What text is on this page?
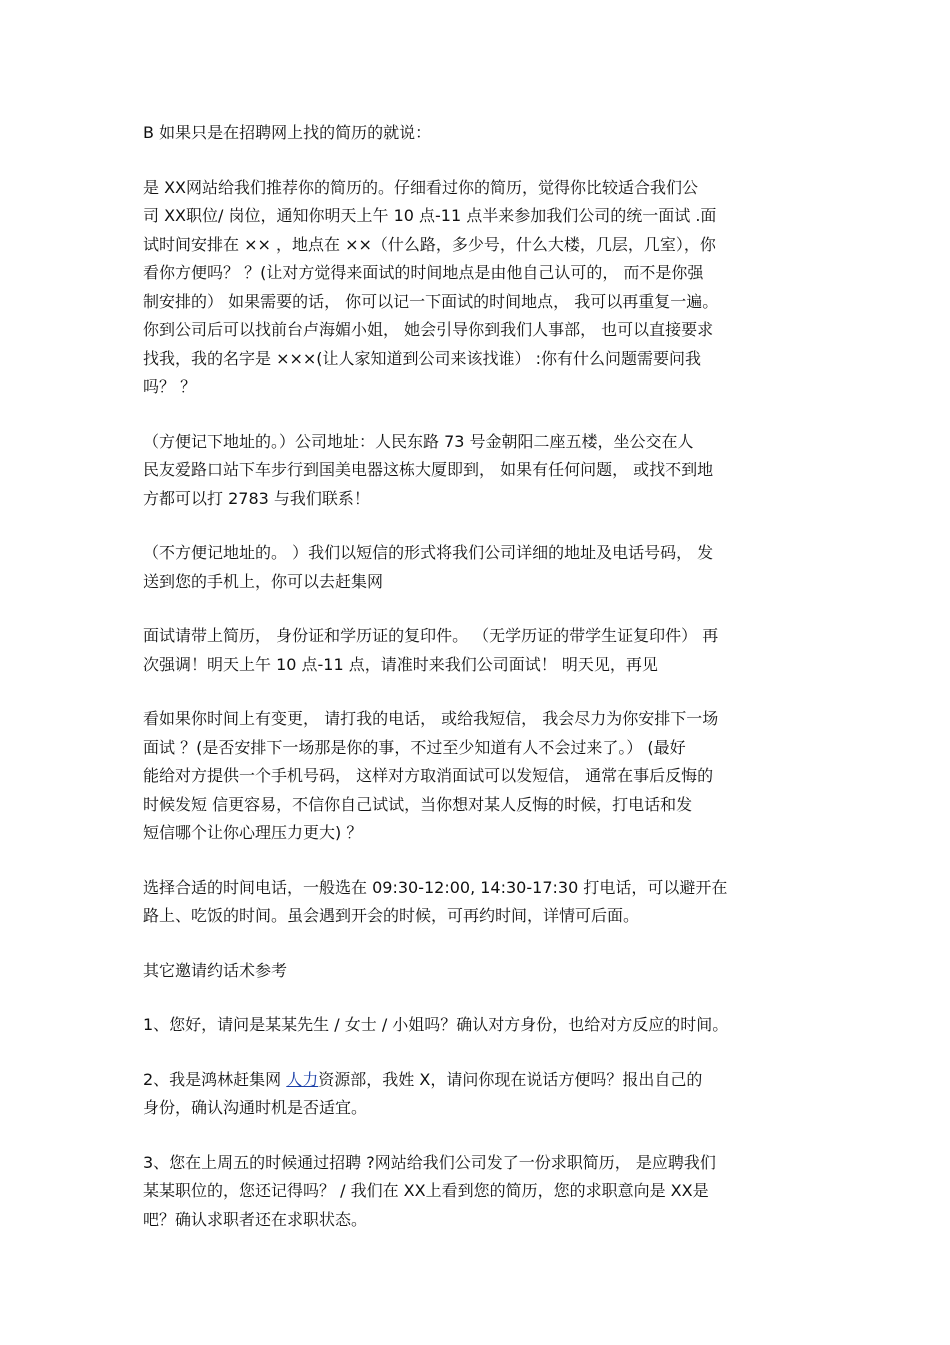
B 如果只是在招聘网上找的简历的就说：
是 XX网站给我们推荐你的简历的。仔细看过你的简历，觉得你比较适合我们公
司 XX职位/ 岗位，通知你明天上午 10 点-11 点半来参加我们公司的统一面试 .面
试时间安排在 ×× ，地点在 ××（什么路，多少号，什么大楼，几层，几室），你
看你方便吗？ ？(让对方觉得来面试的时间地点是由他自己认可的， 而不是你强
制安排的） 如果需要的话， 你可以记一下面试的时间地点， 我可以再重复一遍。
你到公司后可以找前台卢海媚小姐， 她会引导你到我们人事部， 也可以直接要求
找我，我的名字是 ×××(让人家知道到公司来该找谁） :你有什么问题需要问我
吗？ ？
（方便记下地址的。）公司地址：人民东路 73 号金朝阳二座五楼，坐公交在人
民友爱路口站下车步行到国美电器这栋大厦即到， 如果有任何问题， 或找不到地
方都可以打 2783 与我们联系！
（不方便记地址的。 ）我们以短信的形式将我们公司详细的地址及电话号码， 发
送到您的手机上，你可以去赶集网
面试请带上简历， 身份证和学历证的复印件。 （无学历证的带学生证复印件） 再
次强调！明天上午 10 点-11 点，请准时来我们公司面试！ 明天见，再见
看如果你时间上有变更， 请打我的电话， 或给我短信， 我会尽力为你安排下一场
面试 ？(是否安排下一场那是你的事，不过至少知道有人不会过来了。） (最好
能给对方提供一个手机号码， 这样对方取消面试可以发短信， 通常在事后反悔的
时候发短 信更容易，不信你自己试试，当你想对某人反悔的时候，打电话和发
短信哪个让你心理压力更大) ？
选择合适的时间电话，一般选在 09:30-12:00, 14:30-17:30 打电话，可以避开在
路上、吃饭的时间。虽会遇到开会的时候，可再约时间，详情可后面。
其它邀请约话术参考
1、您好，请问是某某先生 / 女士 / 小姐吗？确认对方身份，也给对方反应的时间。
2、我是鸿林赶集网 人力资源部，我姓 X，请问你现在说话方便吗？报出自己的
身份，确认沟通时机是否适宜。
3、您在上周五的时候通过招聘 ?网站给我们公司发了一份求职简历， 是应聘我们
某某职位的，您还记得吗？ / 我们在 XX上看到您的简历，您的求职意向是 XX是
吧？确认求职者还在求职状态。
